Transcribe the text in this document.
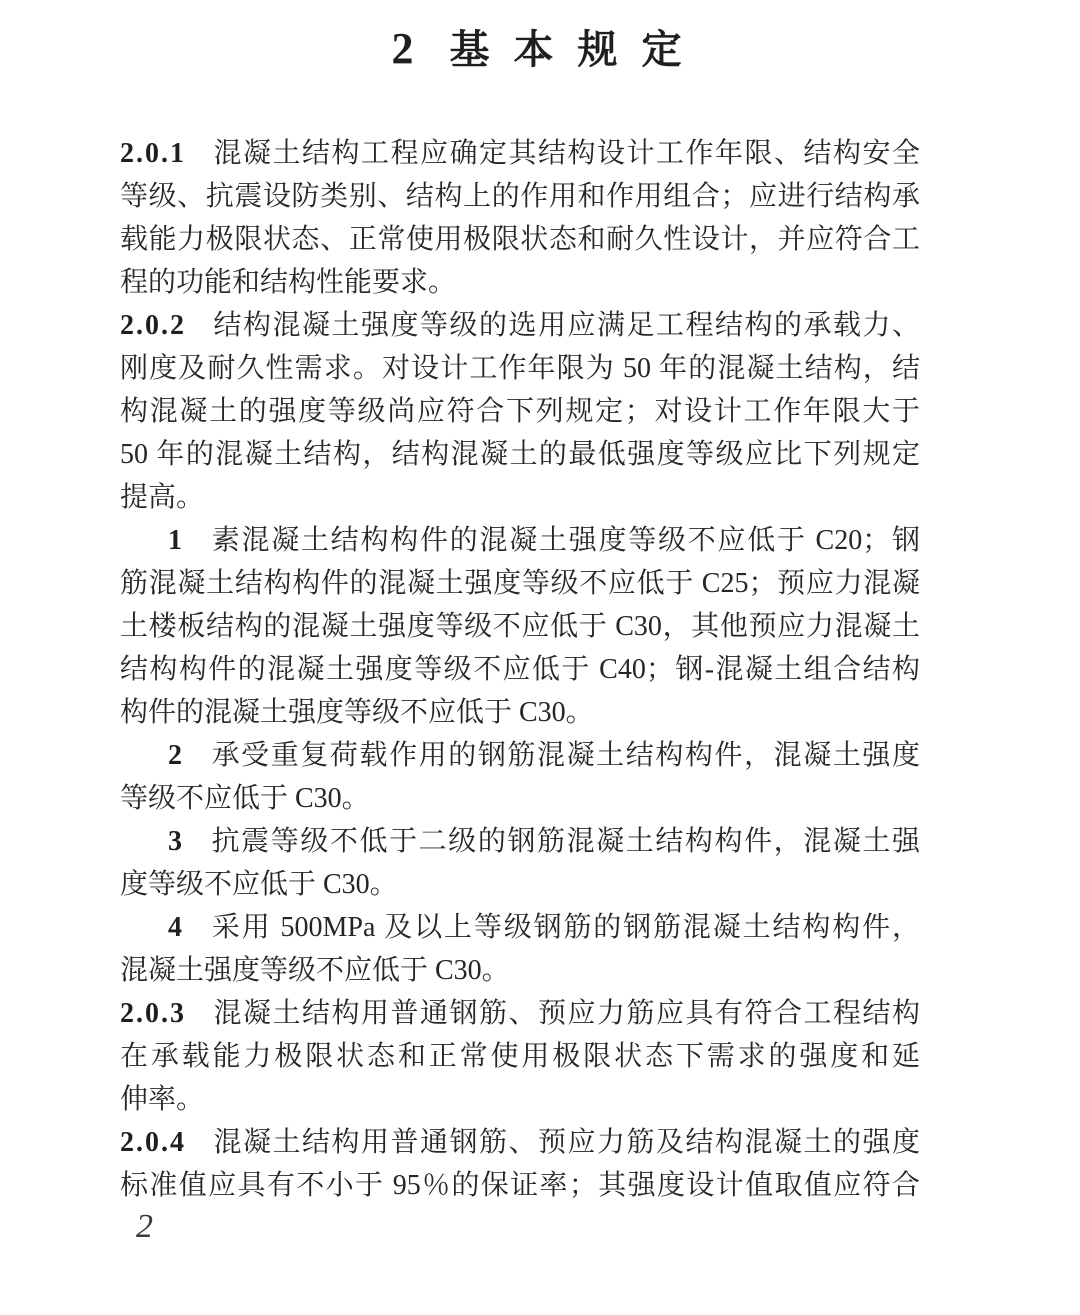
2 基 本 规 定
2.0.1 混凝土结构工程应确定其结构设计工作年限、结构安全
等级、抗震设防类别、结构上的作用和作用组合；应进行结构承
载能力极限状态、正常使用极限状态和耐久性设计，并应符合工
程的功能和结构性能要求。
2.0.2 结构混凝土强度等级的选用应满足工程结构的承载力、
刚度及耐久性需求。对设计工作年限为 50 年的混凝土结构，结
构混凝土的强度等级尚应符合下列规定；对设计工作年限大于
50 年的混凝土结构，结构混凝土的最低强度等级应比下列规定
提高。
1 素混凝土结构构件的混凝土强度等级不应低于 C20；钢
筋混凝土结构构件的混凝土强度等级不应低于 C25；预应力混凝
土楼板结构的混凝土强度等级不应低于 C30，其他预应力混凝土
结构构件的混凝土强度等级不应低于 C40；钢-混凝土组合结构
构件的混凝土强度等级不应低于 C30。
2 承受重复荷载作用的钢筋混凝土结构构件，混凝土强度
等级不应低于 C30。
3 抗震等级不低于二级的钢筋混凝土结构构件，混凝土强
度等级不应低于 C30。
4 采用 500MPa 及以上等级钢筋的钢筋混凝土结构构件，
混凝土强度等级不应低于 C30。
2.0.3 混凝土结构用普通钢筋、预应力筋应具有符合工程结构
在承载能力极限状态和正常使用极限状态下需求的强度和延
伸率。
2.0.4 混凝土结构用普通钢筋、预应力筋及结构混凝土的强度
标准值应具有不小于 95％的保证率；其强度设计值取值应符合
2
